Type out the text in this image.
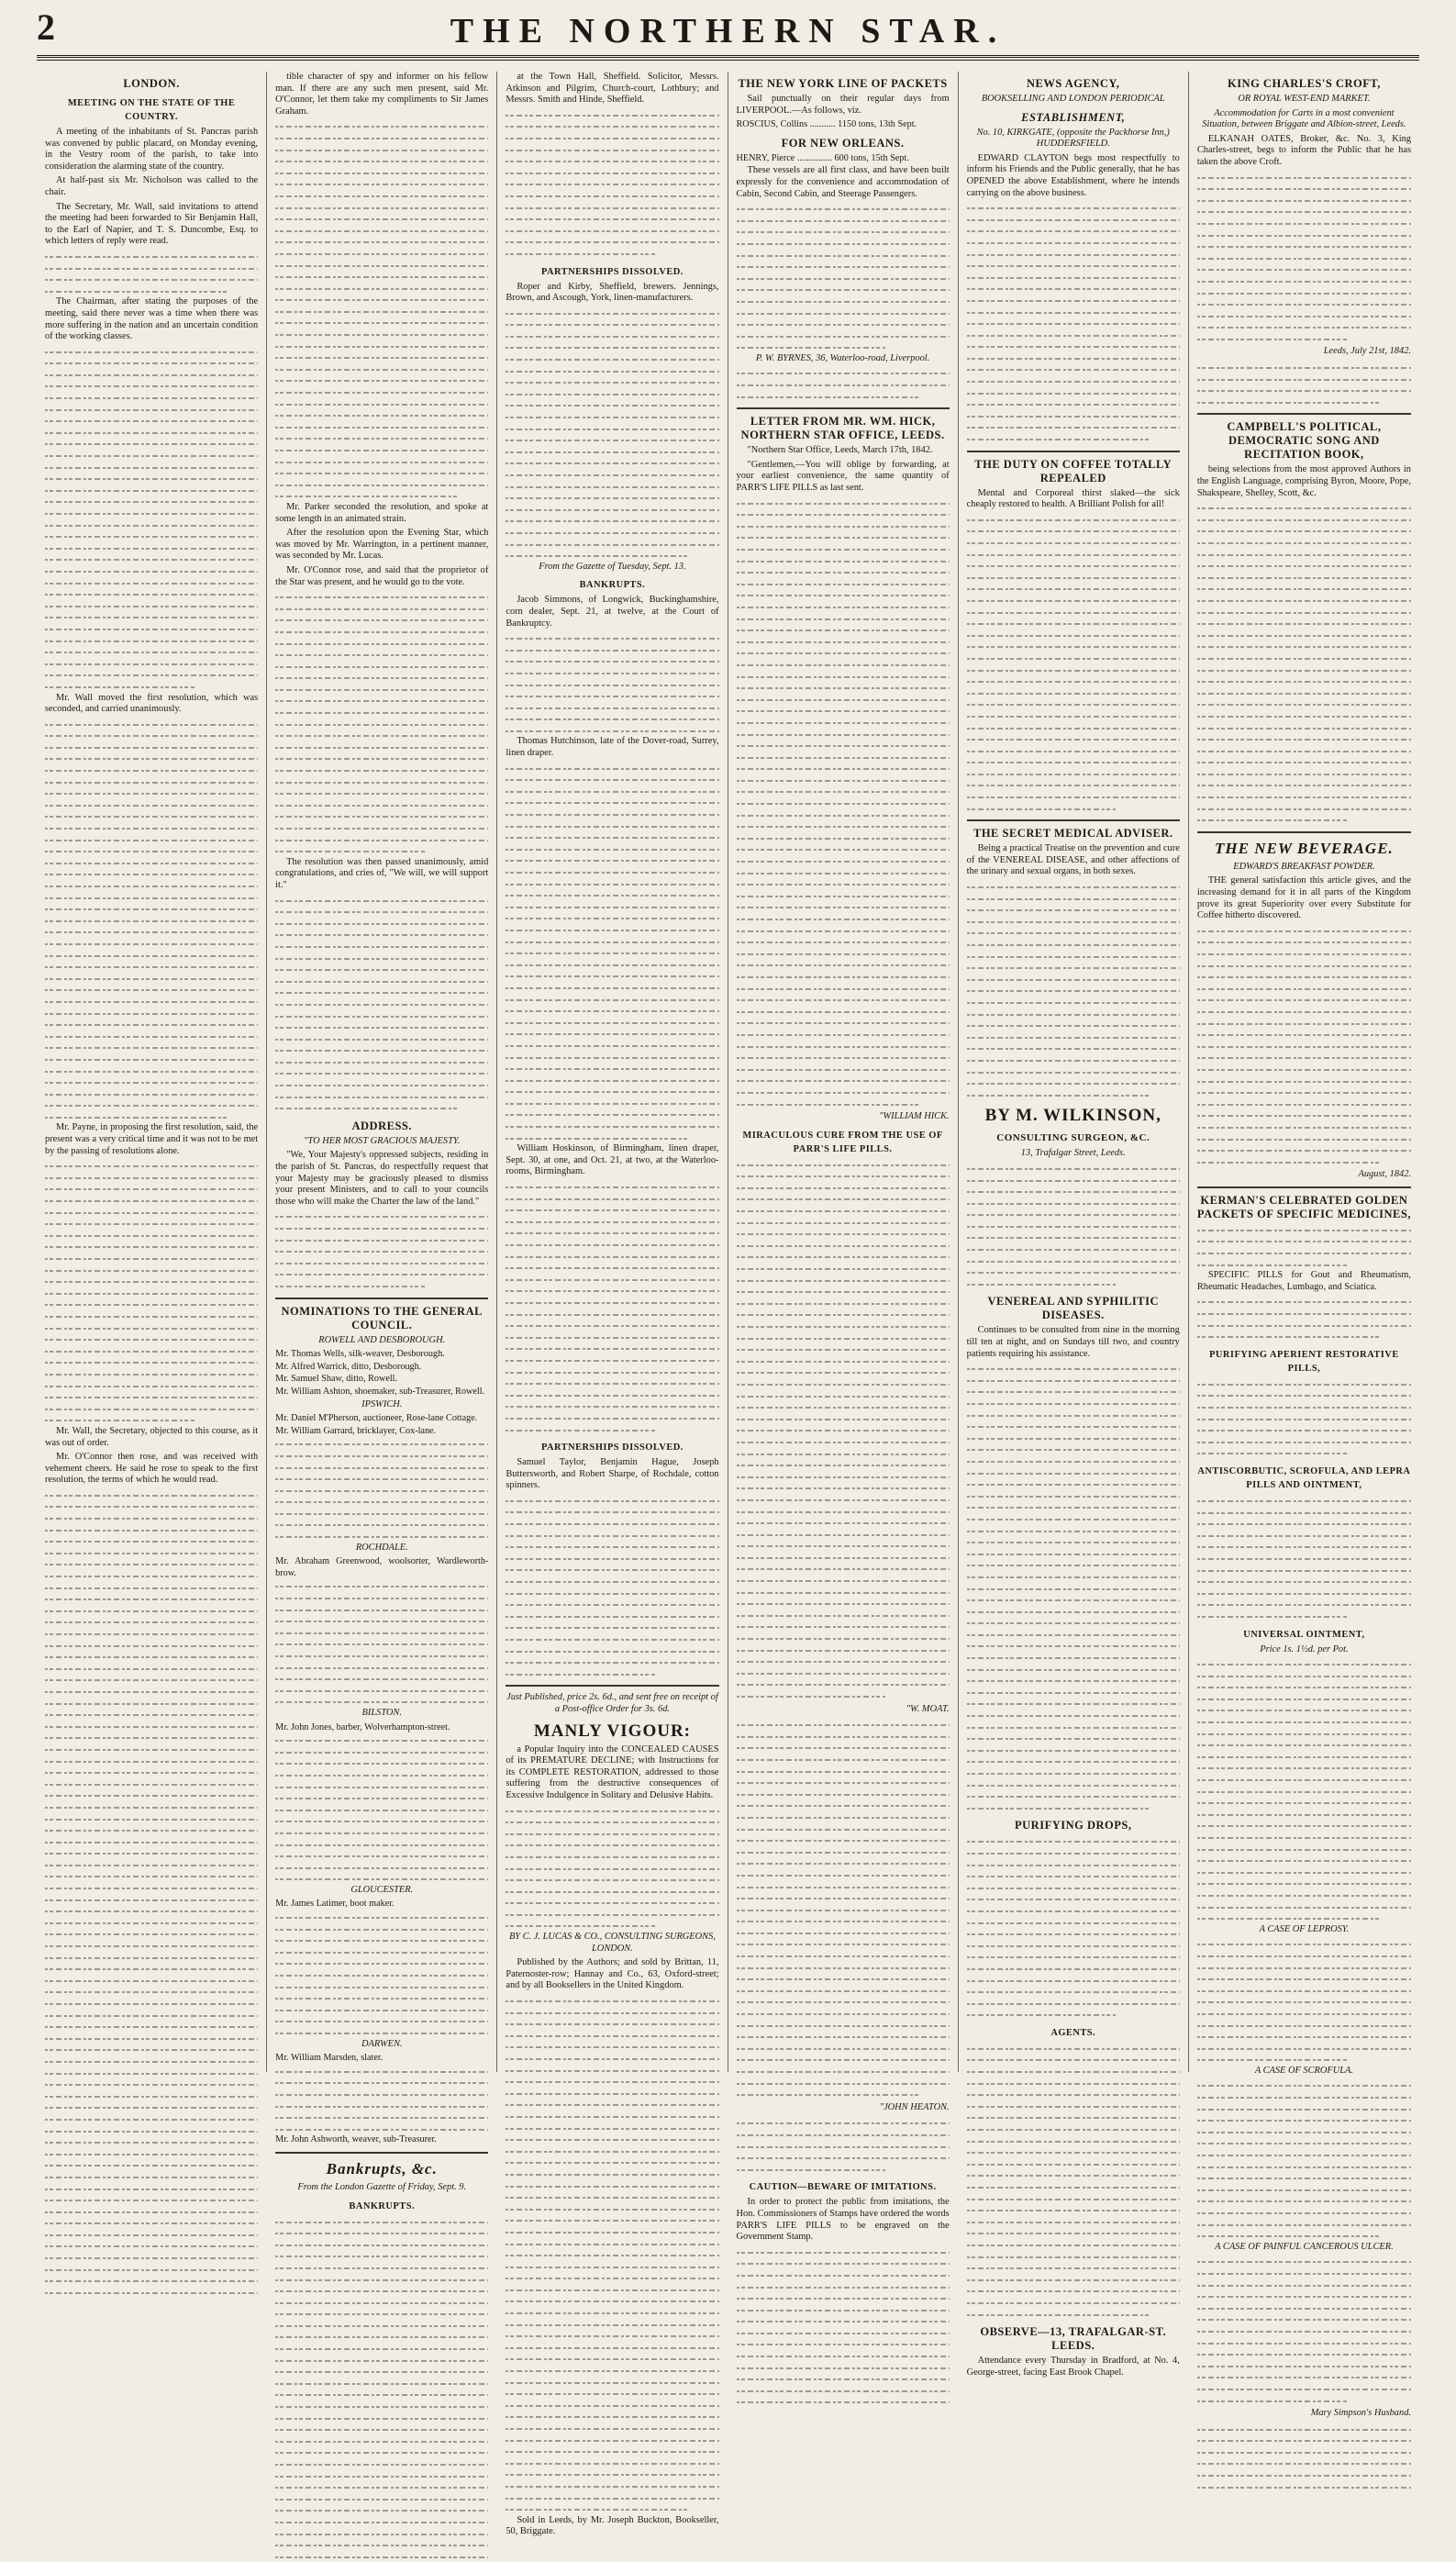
2	THE NORTHERN STAR.
LONDON.
MEETING ON THE STATE OF THE COUNTRY.
A meeting of the inhabitants of St. Pancras parish was convened by public placard, on Monday evening, in the Vestry room of the parish, to take into consideration the alarming state of the country.
At half-past six Mr. Nicholson was called to the chair.
The Secretary, Mr. Wall, said invitations to attend the meeting had been forwarded to Sir Benjamin Hall, to the Earl of Napier, and T. S. Duncombe, Esq. to which letters of reply were read.
The Chairman, after stating the purposes of the meeting, said there never was a time when there was more suffering in the nation and an uncertain condition of the working classes.
Mr. Wall moved the first resolution, which was seconded, and carried unanimously.
Mr. Payne, in proposing the first resolution, said, the present was a very critical time and it was not to be met by the passing of resolutions alone.
Mr. Wall, the Secretary, objected to this course, as it was out of order.
Mr. O'Connor then rose, and was received with vehement cheers. He said he rose to speak to the first resolution, the terms of which he would read.
tible character of spy and informer on his fellow man. If there are any such men present, said Mr. O'Connor, let them take my compliments to Sir James Graham.
Mr. Parker seconded the resolution, and spoke at some length in an animated strain.
After the resolution upon the Evening Star, which was moved by Mr. Warrington, in a pertinent manner, was seconded by Mr. Lucas.
Mr. O'Connor rose, and said that the proprietor of the Star was present, and he would go to the vote.
The resolution was then passed unanimously, amid congratulations, and cries of, "We will, we will support it."
ADDRESS.
"TO HER MOST GRACIOUS MAJESTY.
"We, Your Majesty's oppressed subjects, residing in the parish of St. Pancras, do respectfully request that your Majesty may be graciously pleased to dismiss your present Ministers, and to call to your councils those who will make the Charter the law of the land."
NOMINATIONS TO THE GENERAL COUNCIL.
ROWELL AND DESBOROUGH.
Mr. Thomas Wells, silk-weaver, Desborough.
Mr. Alfred Warrick, ditto, Desborough.
Mr. Samuel Shaw, ditto, Rowell.
Mr. William Ashton, shoemaker, sub-Treasurer, Rowell.
IPSWICH.
Mr. Daniel M'Pherson, auctioneer, Rose-lane Cottage.
Mr. William Garrard, bricklayer, Cox-lane.
ROCHDALE.
Mr. Abraham Greenwood, woolsorter, Wardleworth-brow.
BILSTON.
Mr. John Jones, barber, Wolverhampton-street.
GLOUCESTER.
Mr. James Latimer, boot maker.
DARWEN.
Mr. William Marsden, slater.
Mr. John Ashworth, weaver, sub-Treasurer.
Bankrupts, &c.
From the London Gazette of Friday, Sept. 9.
BANKRUPTS.
at the Town Hall, Sheffield. Solicitor, Messrs. Atkinson and Pilgrim, Church-court, Lothbury; and Messrs. Smith and Hinde, Sheffield.
PARTNERSHIPS DISSOLVED.
Roper and Kirby, Sheffield, brewers. Jennings, Brown, and Ascough, York, linen-manufacturers.
From the Gazette of Tuesday, Sept. 13.
BANKRUPTS.
Jacob Simmons, of Longwick, Buckinghamshire, corn dealer, Sept. 21, at twelve, at the Court of Bankruptcy.
Thomas Hutchinson, late of the Dover-road, Surrey, linen draper.
William Hoskinson, of Birmingham, linen draper, Sept. 30, at one, and Oct. 21, at two, at the Waterloo-rooms, Birmingham.
PARTNERSHIPS DISSOLVED.
Samuel Taylor, Benjamin Hague, Joseph Buttersworth, and Robert Sharpe, of Rochdale, cotton spinners.
Just Published, price 2s. 6d., and sent free on receipt of a Post-office Order for 3s. 6d.
MANLY VIGOUR:
a Popular Inquiry into the CONCEALED CAUSES of its PREMATURE DECLINE; with Instructions for its COMPLETE RESTORATION, addressed to those suffering from the destructive consequences of Excessive Indulgence in Solitary and Delusive Habits.
BY C. J. LUCAS & CO., CONSULTING SURGEONS, LONDON.
Published by the Authors; and sold by Brittan, 11, Paternoster-row; Hannay and Co., 63, Oxford-street; and by all Booksellers in the United Kingdom.
Sold in Leeds, by Mr. Joseph Buckton, Bookseller, 50, Briggate.
THE NEW YORK LINE OF PACKETS
Sail punctually on their regular days from LIVERPOOL.—As follows, viz.
ROSCIUS, Collins ........... 1150 tons, 13th Sept.
FOR NEW ORLEANS.
HENRY, Pierce ............... 600 tons, 15th Sept.
These vessels are all first class, and have been built expressly for the convenience and accommodation of Cabin, Second Cabin, and Steerage Passengers.
P. W. BYRNES, 36, Waterloo-road, Liverpool.
LETTER FROM MR. WM. HICK, NORTHERN STAR OFFICE, LEEDS.
"Northern Star Office, Leeds, March 17th, 1842.
"Gentlemen,—You will oblige by forwarding, at your earliest convenience, the same quantity of PARR'S LIFE PILLS as last sent.
"WILLIAM HICK.
MIRACULOUS CURE FROM THE USE OF PARR'S LIFE PILLS.
"W. MOAT.
"JOHN HEATON.
CAUTION—BEWARE OF IMITATIONS.
In order to protect the public from imitations, the Hon. Commissioners of Stamps have ordered the words PARR'S LIFE PILLS to be engraved on the Government Stamp.
NEWS AGENCY,
BOOKSELLING AND LONDON PERIODICAL
ESTABLISHMENT,
No. 10, KIRKGATE, (opposite the Packhorse Inn,) HUDDERSFIELD.
EDWARD CLAYTON begs most respectfully to inform his Friends and the Public generally, that he has OPENED the above Establishment, where he intends carrying on the above business.
THE DUTY ON COFFEE TOTALLY REPEALED
Mental and Corporeal thirst slaked—the sick cheaply restored to health. A Brilliant Polish for all!
THE SECRET MEDICAL ADVISER.
Being a practical Treatise on the prevention and cure of the VENEREAL DISEASE, and other affections of the urinary and sexual organs, in both sexes.
BY M. WILKINSON,
CONSULTING SURGEON, &C.
13, Trafalgar Street, Leeds.
VENEREAL AND SYPHILITIC DISEASES.
Continues to be consulted from nine in the morning till ten at night, and on Sundays till two, and country patients requiring his assistance.
PURIFYING DROPS,
AGENTS.
OBSERVE—13, TRAFALGAR-ST. LEEDS.
Attendance every Thursday in Bradford, at No. 4, George-street, facing East Brook Chapel.
KING CHARLES'S CROFT,
OR ROYAL WEST-END MARKET.
Accommodation for Carts in a most convenient Situation, between Briggate and Albion-street, Leeds.
ELKANAH OATES, Broker, &c. No. 3, King Charles-street, begs to inform the Public that he has taken the above Croft.
Leeds, July 21st, 1842.
CAMPBELL'S POLITICAL, DEMOCRATIC SONG AND RECITATION BOOK,
being selections from the most approved Authors in the English Language, comprising Byron, Moore, Pope, Shakspeare, Shelley, Scott, &c.
THE NEW BEVERAGE.
EDWARD'S BREAKFAST POWDER.
THE general satisfaction this article gives, and the increasing demand for it in all parts of the Kingdom prove its great Superiority over every Substitute for Coffee hitherto discovered.
August, 1842.
KERMAN'S CELEBRATED GOLDEN PACKETS OF SPECIFIC MEDICINES,
SPECIFIC PILLS for Gout and Rheumatism, Rheumatic Headaches, Lumbago, and Sciatica.
PURIFYING APERIENT RESTORATIVE PILLS,
ANTISCORBUTIC, SCROFULA, AND LEPRA PILLS AND OINTMENT,
UNIVERSAL OINTMENT,
Price 1s. 1½d. per Pot.
A CASE OF LEPROSY.
A CASE OF SCROFULA.
A CASE OF PAINFUL CANCEROUS ULCER.
Mary Simpson's Husband.
